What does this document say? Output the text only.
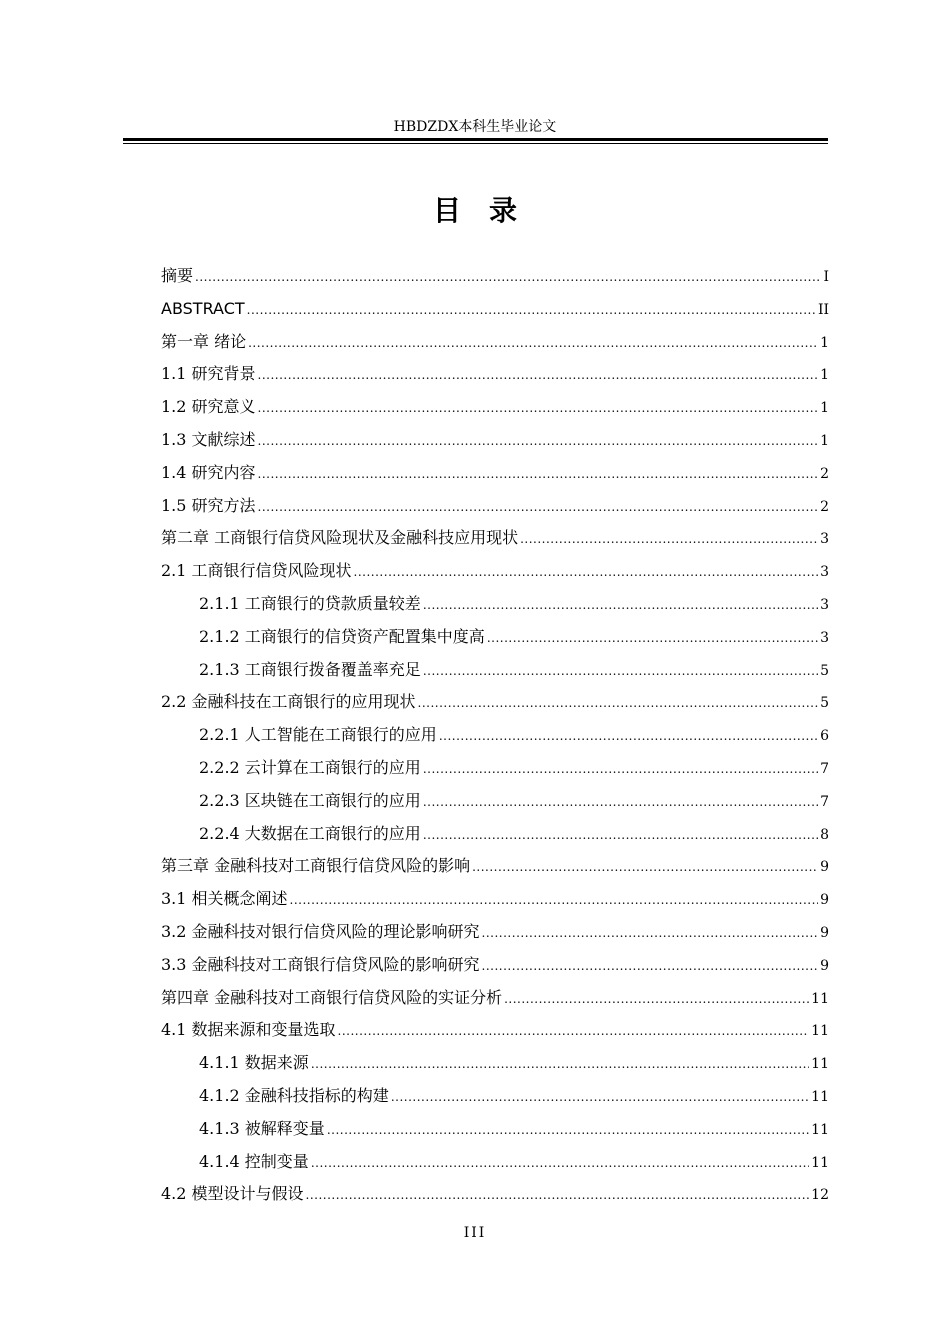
HBDZDX本科生毕业论文
目　录
摘要 .....	I
ABSTRACT .....	II
第一章 绪论 .....	1
1.1 研究背景 .....	1
1.2 研究意义 .....	1
1.3 文献综述 .....	1
1.4 研究内容 .....	2
1.5 研究方法 .....	2
第二章 工商银行信贷风险现状及金融科技应用现状 .....	3
2.1 工商银行信贷风险现状 .....	3
2.1.1 工商银行的贷款质量较差 .....	3
2.1.2 工商银行的信贷资产配置集中度高 .....	3
2.1.3 工商银行拨备覆盖率充足 .....	5
2.2 金融科技在工商银行的应用现状 .....	5
2.2.1 人工智能在工商银行的应用 .....	6
2.2.2 云计算在工商银行的应用 .....	7
2.2.3 区块链在工商银行的应用 .....	7
2.2.4 大数据在工商银行的应用 .....	8
第三章 金融科技对工商银行信贷风险的影响 .....	9
3.1 相关概念阐述 .....	9
3.2 金融科技对银行信贷风险的理论影响研究 .....	9
3.3 金融科技对工商银行信贷风险的影响研究 .....	9
第四章 金融科技对工商银行信贷风险的实证分析 .....	11
4.1 数据来源和变量选取 .....	11
4.1.1 数据来源 .....	11
4.1.2 金融科技指标的构建 .....	11
4.1.3 被解释变量 .....	11
4.1.4 控制变量 .....	11
4.2 模型设计与假设 .....	12
III
